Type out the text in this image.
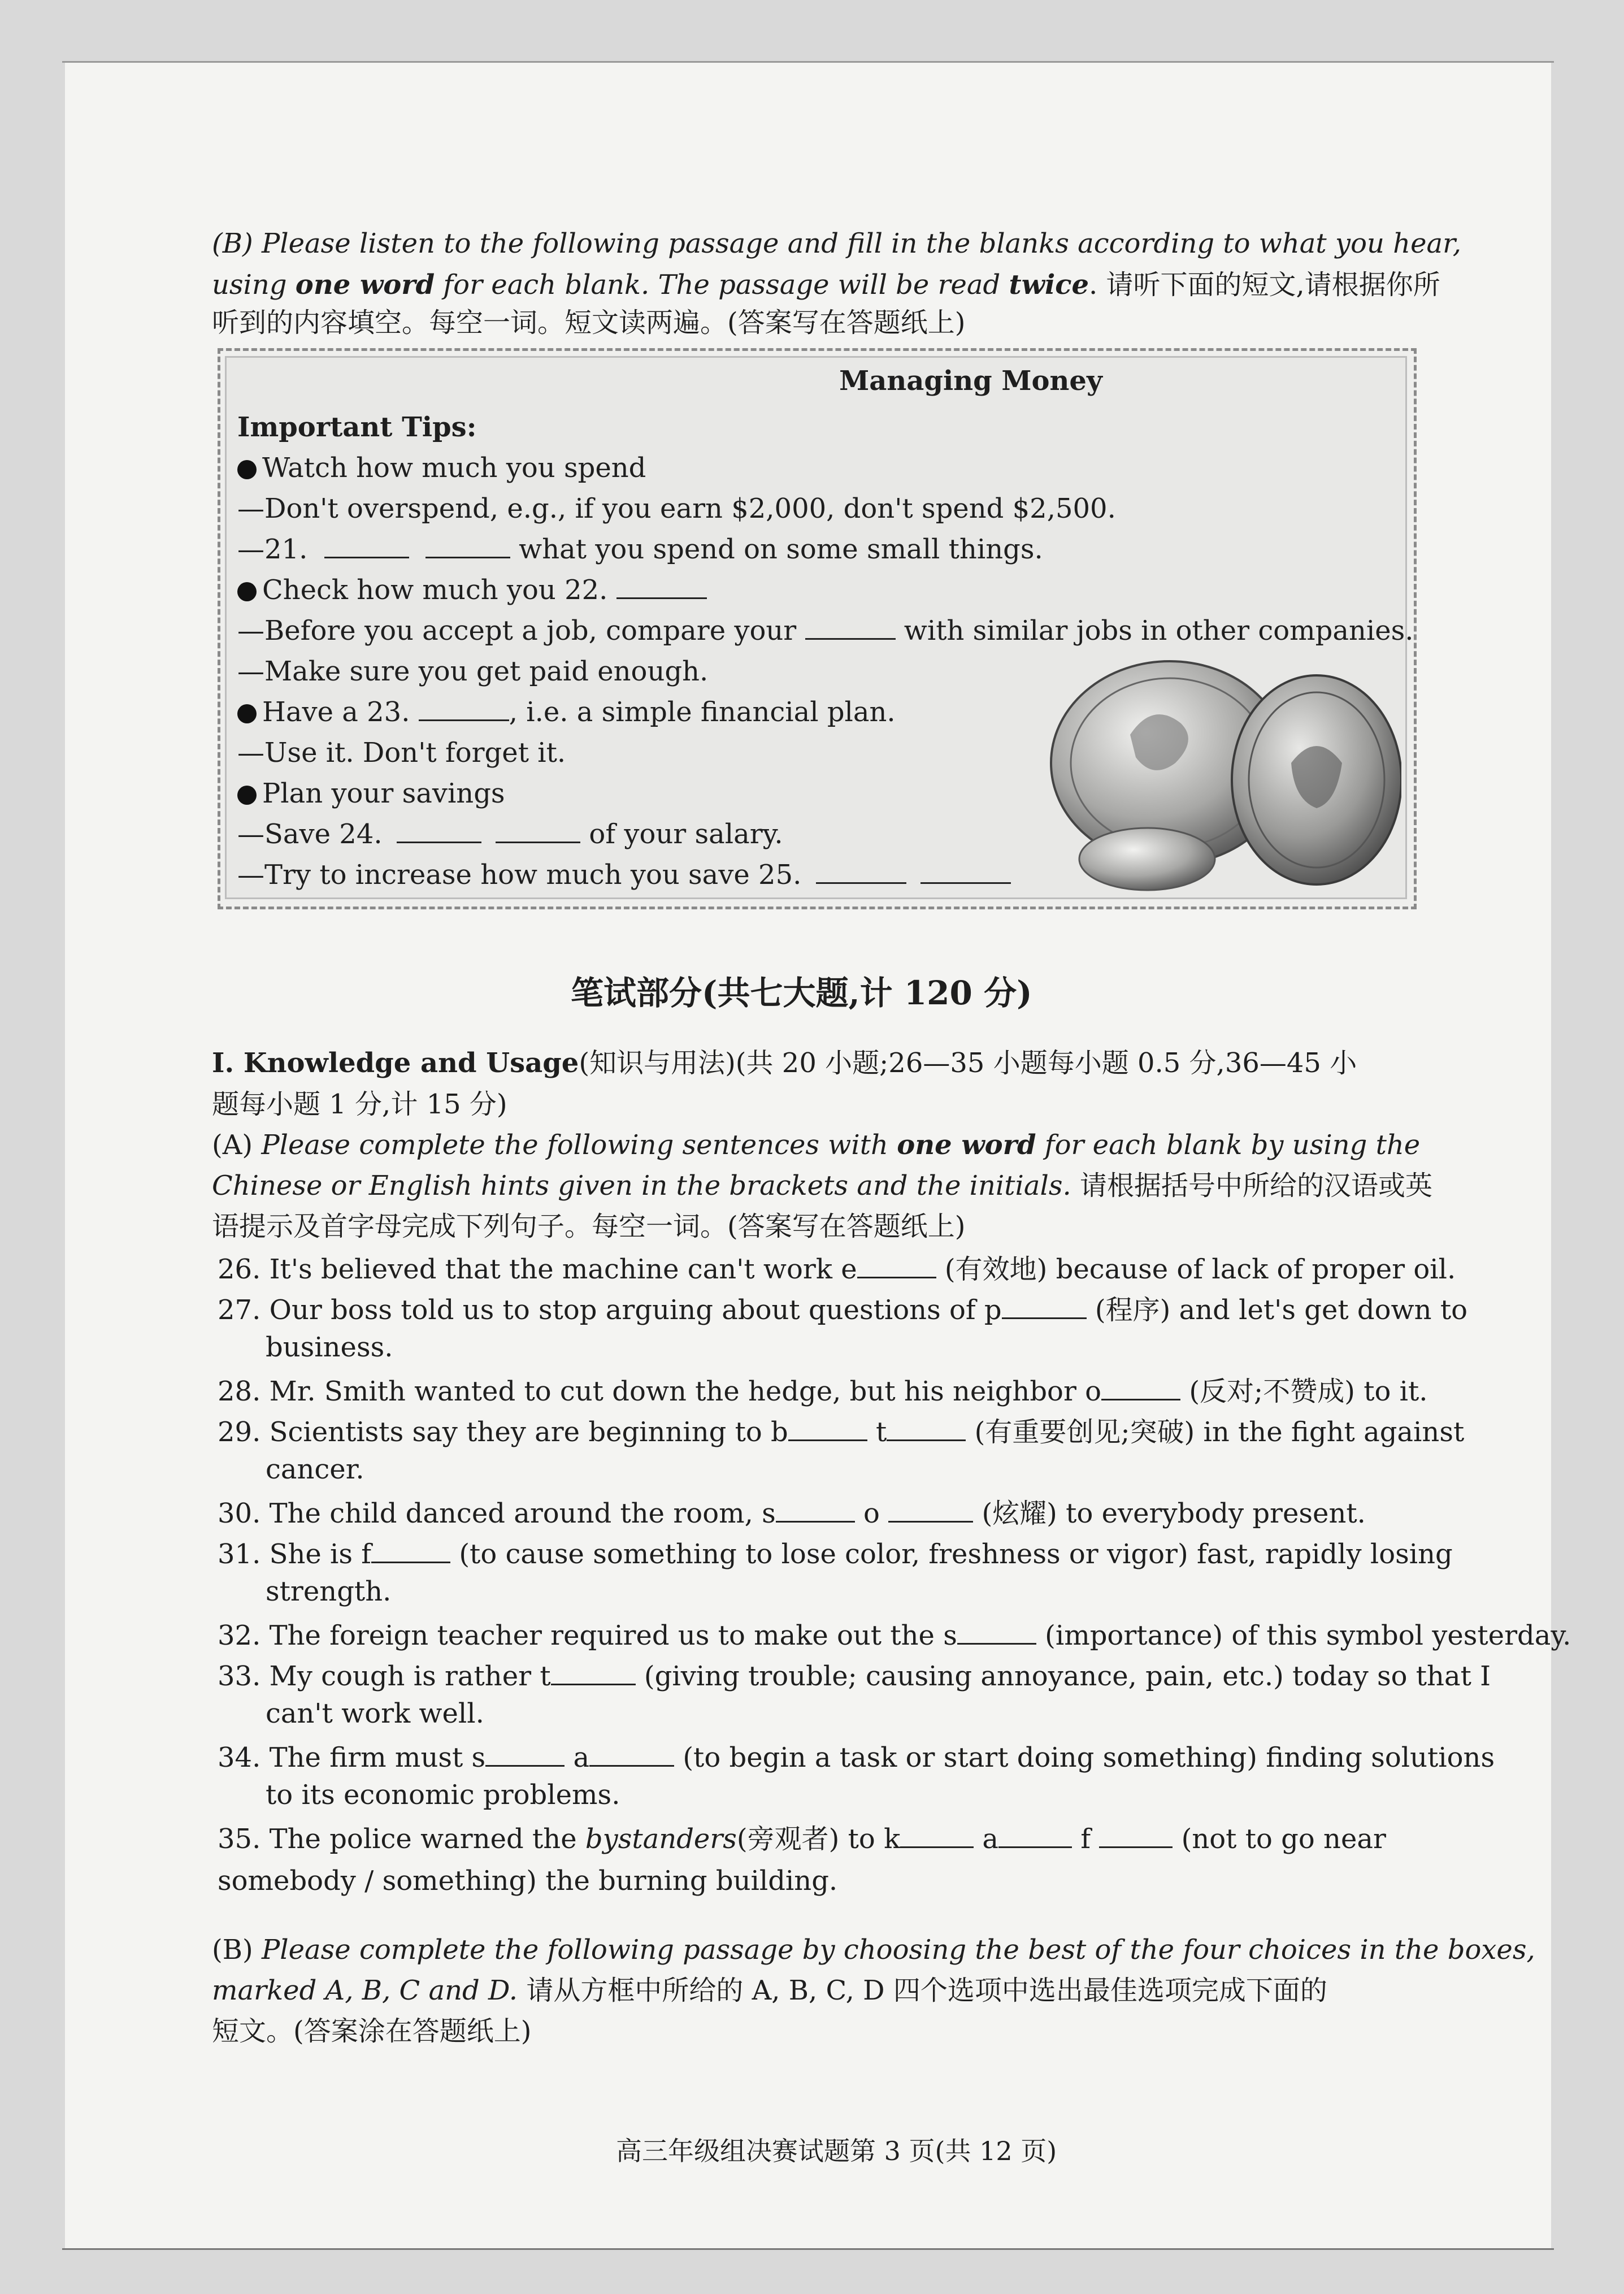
(B) Please listen to the following passage and fill in the blanks according to what you hear,
using one word for each blank. The passage will be read twice. 请听下面的短文,请根据你所
听到的内容填空。每空一词。短文读两遍。(答案写在答题纸上)
Managing Money
Important Tips:
Watch how much you spend
—Don't overspend, e.g., if you earn $2,000, don't spend $2,500.
—21.	what you spend on some small things.
Check how much you 22.
—Before you accept a job, compare your	with similar jobs in other companies.
—Make sure you get paid enough.
Have a 23.	, i.e. a simple financial plan.
—Use it. Don't forget it.
Plan your savings
—Save 24.	of your salary.
—Try to increase how much you save 25.
笔试部分(共七大题,计 120 分)
I. Knowledge and Usage(知识与用法)(共 20 小题;26—35 小题每小题 0.5 分,36—45 小
题每小题 1 分,计 15 分)
(A) Please complete the following sentences with one word for each blank by using the
Chinese or English hints given in the brackets and the initials. 请根据括号中所给的汉语或英
语提示及首字母完成下列句子。每空一词。(答案写在答题纸上)
26. It's believed that the machine can't work e	(有效地) because of lack of proper oil.
27. Our boss told us to stop arguing about questions of p	(程序) and let's get down to
business.
28. Mr. Smith wanted to cut down the hedge, but his neighbor o	(反对;不赞成) to it.
29. Scientists say they are beginning to b	t	(有重要创见;突破) in the fight against
cancer.
30. The child danced around the room, s	o	(炫耀) to everybody present.
31. She is f	(to cause something to lose color, freshness or vigor) fast, rapidly losing
strength.
32. The foreign teacher required us to make out the s	(importance) of this symbol yesterday.
33. My cough is rather t	(giving trouble; causing annoyance, pain, etc.) today so that I
can't work well.
34. The firm must s	a	(to begin a task or start doing something) finding solutions
to its economic problems.
35. The police warned the bystanders(旁观者) to k	a	f	(not to go near
somebody / something) the burning building.
(B) Please complete the following passage by choosing the best of the four choices in the boxes,
marked A, B, C and D. 请从方框中所给的 A, B, C, D 四个选项中选出最佳选项完成下面的
短文。(答案涂在答题纸上)
高三年级组决赛试题第 3 页(共 12 页)
